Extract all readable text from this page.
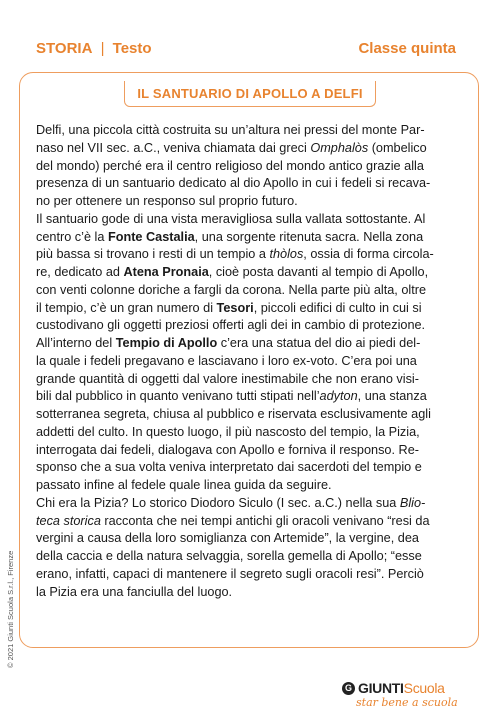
STORIA | Testo	Classe quinta
IL SANTUARIO DI APOLLO A DELFI

Delfi, una piccola città costruita su un’altura nei pressi del monte Par-

naso nel VII sec. a.C., veniva chiamata dai greci Omphalòs (ombelico

del mondo) perché era il centro religioso del mondo antico grazie alla

presenza di un santuario dedicato al dio Apollo in cui i fedeli si recava-

no per ottenere un responso sul proprio futuro.

Il santuario gode di una vista meravigliosa sulla vallata sottostante. Al

centro c’è la Fonte Castalia, una sorgente ritenuta sacra. Nella zona

più bassa si trovano i resti di un tempio a thòlos, ossia di forma circola-

re, dedicato ad Atena Pronaia, cioè posta davanti al tempio di Apollo,

con venti colonne doriche a fargli da corona. Nella parte più alta, oltre

il tempio, c’è un gran numero di Tesori, piccoli edifici di culto in cui si

custodivano gli oggetti preziosi offerti agli dei in cambio di protezione.

All’interno del Tempio di Apollo c’era una statua del dio ai piedi del-

la quale i fedeli pregavano e lasciavano i loro ex-voto. C’era poi una

grande quantità di oggetti dal valore inestimabile che non erano visi-

bili dal pubblico in quanto venivano tutti stipati nell’adyton, una stanza

sotterranea segreta, chiusa al pubblico e riservata esclusivamente agli

addetti del culto. In questo luogo, il più nascosto del tempio, la Pizia,

interrogata dai fedeli, dialogava con Apollo e forniva il responso. Re-

sponso che a sua volta veniva interpretato dai sacerdoti del tempio e

passato infine al fedele quale linea guida da seguire.

Chi era la Pizia? Lo storico Diodoro Siculo (I sec. a.C.) nella sua Blio-

teca storica racconta che nei tempi antichi gli oracoli venivano “resi da

vergini a causa della loro somiglianza con Artemide”, la vergine, dea

della caccia e della natura selvaggia, sorella gemella di Apollo; “esse

erano, infatti, capaci di mantenere il segreto sugli oracoli resi”. Perciò

la Pizia era una fanciulla del luogo.

© 2021 Giunti Scuola S.r.l., Firenze
G GIUNTIScuola
star bene a scuola
